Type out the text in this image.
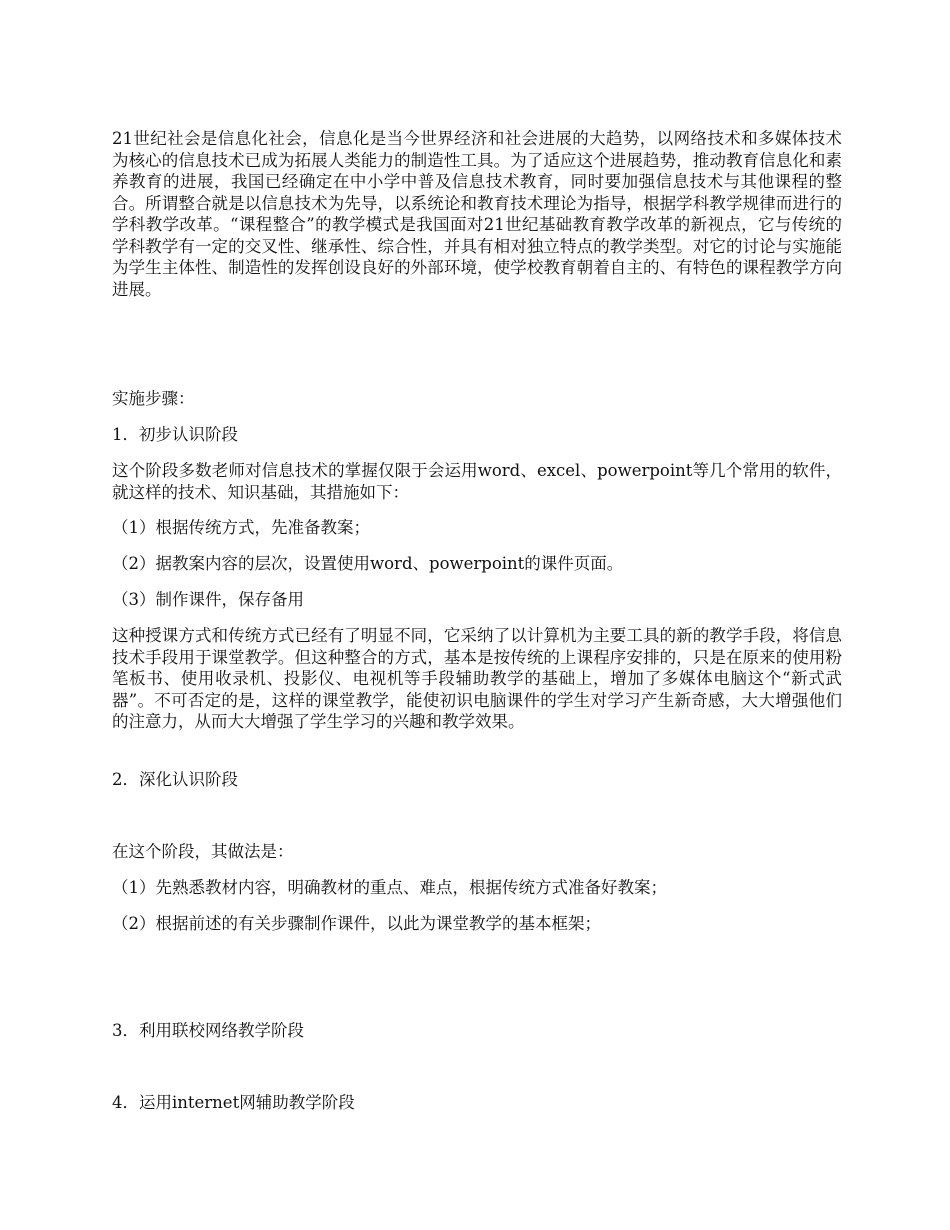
21世纪社会是信息化社会，信息化是当今世界经济和社会进展的大趋势，以网络技术和多媒体技术为核心的信息技术已成为拓展人类能力的制造性工具。为了适应这个进展趋势，推动教育信息化和素养教育的进展，我国已经确定在中小学中普及信息技术教育，同时要加强信息技术与其他课程的整合。所谓整合就是以信息技术为先导，以系统论和教育技术理论为指导，根据学科教学规律而进行的学科教学改革。“课程整合”的教学模式是我国面对21世纪基础教育教学改革的新视点，它与传统的学科教学有一定的交叉性、继承性、综合性，并具有相对独立特点的教学类型。对它的讨论与实施能为学生主体性、制造性的发挥创设良好的外部环境，使学校教育朝着自主的、有特色的课程教学方向进展。

实施步骤：

1．初步认识阶段

这个阶段多数老师对信息技术的掌握仅限于会运用word、excel、powerpoint等几个常用的软件，就这样的技术、知识基础，其措施如下：

（1）根据传统方式，先准备教案；

（2）据教案内容的层次，设置使用word、powerpoint的课件页面。

（3）制作课件，保存备用

这种授课方式和传统方式已经有了明显不同，它采纳了以计算机为主要工具的新的教学手段，将信息技术手段用于课堂教学。但这种整合的方式，基本是按传统的上课程序安排的，只是在原来的使用粉笔板书、使用收录机、投影仪、电视机等手段辅助教学的基础上，增加了多媒体电脑这个“新式武器”。不可否定的是，这样的课堂教学，能使初识电脑课件的学生对学习产生新奇感，大大增强他们的注意力，从而大大增强了学生学习的兴趣和教学效果。

2．深化认识阶段

在这个阶段，其做法是：

（1）先熟悉教材内容，明确教材的重点、难点，根据传统方式准备好教案；

（2）根据前述的有关步骤制作课件，以此为课堂教学的基本框架；

3．利用联校网络教学阶段

4．运用internet网辅助教学阶段
